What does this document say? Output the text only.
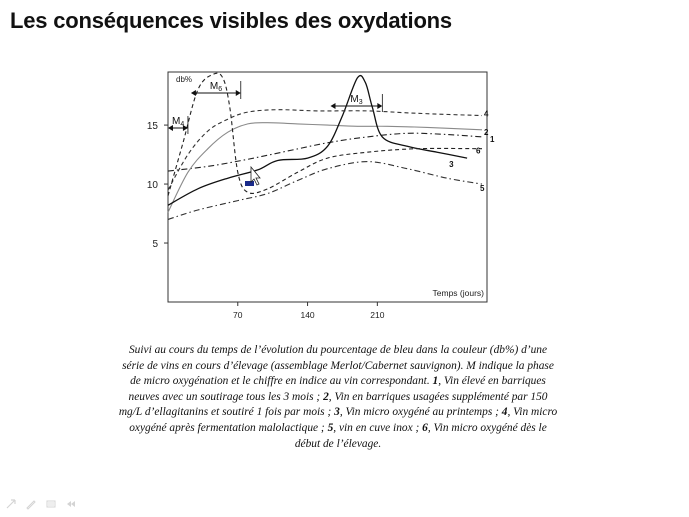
Les conséquences visibles des oxydations
5
10
15
70	140	210
$M_4$
$M_6$
$M_3$
db%
Temps (jours)
1
2
3
4
5
6
Suivi au cours du temps de l’évolution du pourcentage de bleu dans la couleur (db%) d’une série de vins en cours d’élevage (assemblage Merlot/Cabernet sauvignon). M indique la phase de micro oxygénation et le chiffre en indice au vin correspondant. 1, Vin élevé en barriques neuves avec un soutirage tous les 3 mois ; 2, Vin en barriques usagées supplémenté par 150 mg/L d’ellagitanins et soutiré 1 fois par mois ; 3, Vin micro oxygéné au printemps ; 4, Vin micro oxygéné après fermentation malolactique ; 5, vin en cuve inox ; 6, Vin micro oxygéné dès le début de l’élevage.
